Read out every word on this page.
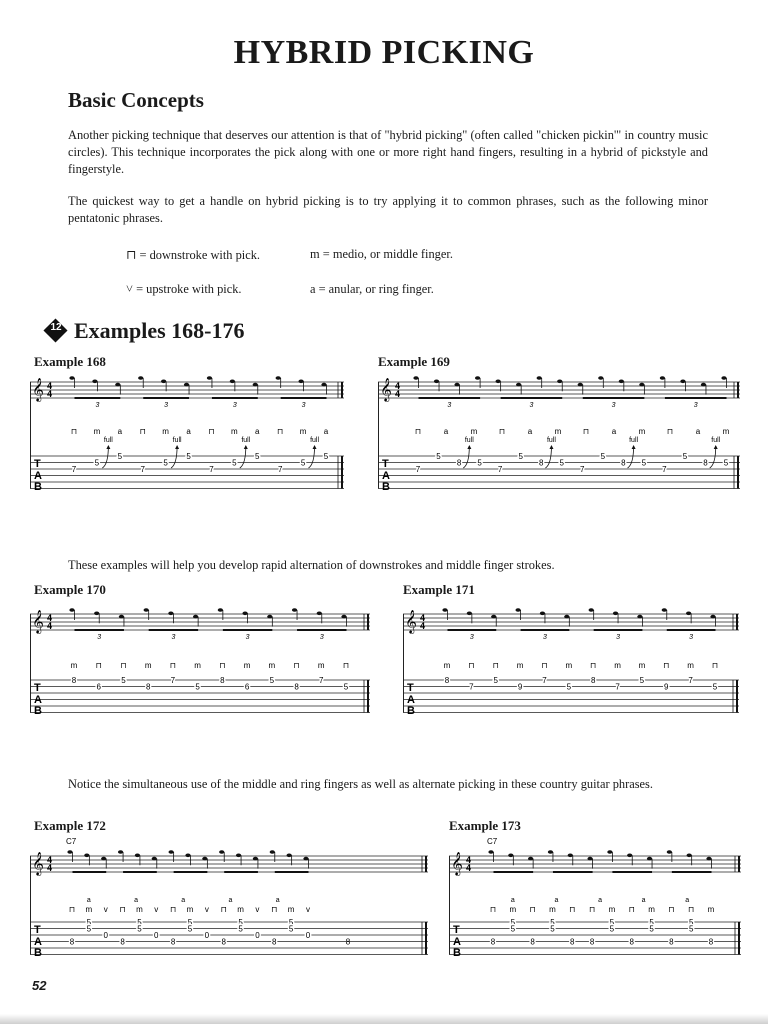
HYBRID PICKING
Basic Concepts
Another picking technique that deserves our attention is that of "hybrid picking" (often called "chicken pickin'" in country music circles). This technique incorporates the pick along with one or more right hand fingers, resulting in a hybrid of pickstyle and fingerstyle.
The quickest way to get a handle on hybrid picking is to try applying it to common phrases, such as the following minor pentatonic phrases.
⊓ = downstroke with pick.	m = medio, or middle finger.
˅ = upstroke with pick.	a = anular, or ring finger.
12 Examples 168-176
Example 168	Example 169
𝄞 4
4
T
A
B
⊓ m a ⊓ m a ⊓ m a ⊓ m a
7
5
5
7
5
5
7
5
5
7
5
5
3	3	3	3
full	full	full	full
𝄞 4
4
T
A
B
⊓	a	m	⊓	a	m	⊓	a	m	⊓	a	m
7
5
8 5
7
5
8 5
7
5
8 5
7
5
8 5
3	3	3	3
full	full	full	full
These examples will help you develop rapid alternation of downstrokes and middle finger strokes.
Example 170	Example 171
𝄞 4
4
T
A
B
m ⊓ ⊓ m ⊓ m ⊓ m m ⊓ m ⊓
8
6
5
8
7
5
8
6
5
8
7
5
3	3	3	3
𝄞 4
4
T
A
B
m ⊓ ⊓ m ⊓ m ⊓ m m ⊓ m ⊓
8
7
5
9
7
5
8
7
5
9
7
5
3	3	3	3
Notice the simultaneous use of the middle and ring fingers as well as alternate picking in these country guitar phrases.
Example 172	Example 173
𝄞 4
4
T
A
B
⊓ m v ⊓ m v ⊓ m v ⊓ m v ⊓ m v
a	a	a	a	a
8
5
5
0
8
5
5
0
8
5
5
0
8
5
5
0
8
5
5
0
C7
8
𝄞 4
4
T
A
B
⊓ m ⊓ m ⊓ ⊓ m ⊓ m ⊓ ⊓ m
a	a	a	a	a
8
5
5
8
5
5
8 8
5
5
8
5
5
8
5
5
8
C7
52
